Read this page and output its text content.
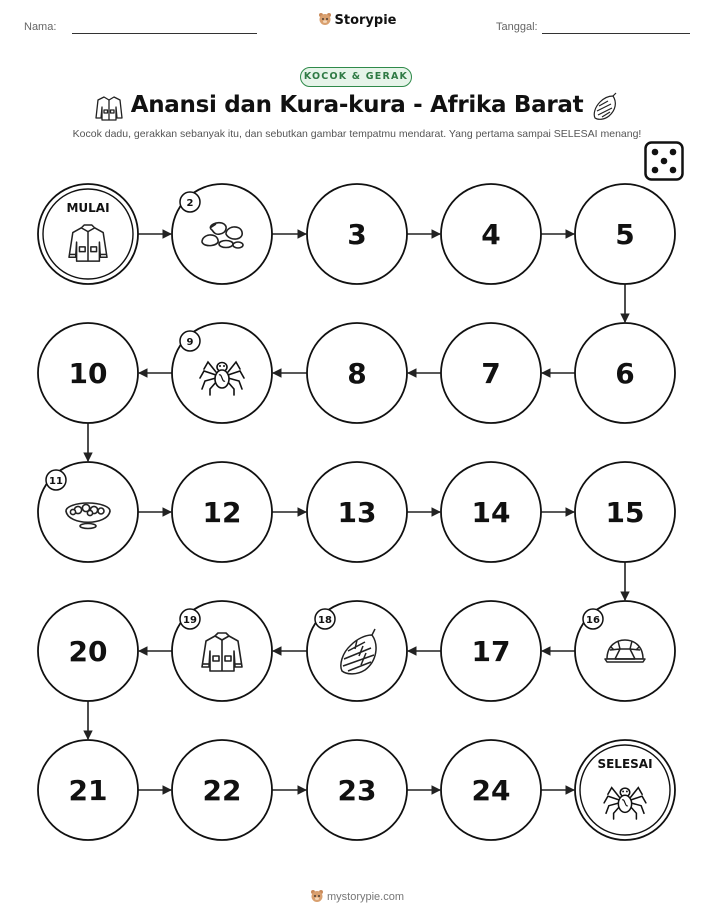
Nama:	Storypie	Tanggal:
KOCOK & GERAK
Anansi dan Kura-kura - Afrika Barat
Kocok dadu, gerakkan sebanyak itu, dan sebutkan gambar tempatmu mendarat. Yang pertama sampai SELESAI menang!
MULAI	2
3	4	5
6
7
8
9
10
11
12	13	14	15
16
17
18
19
20
21	22	23	24
SELESAI
mystorypie.com
